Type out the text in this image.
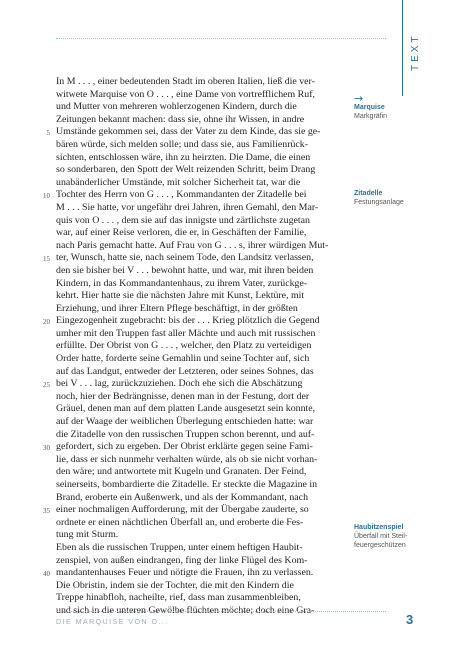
TEXT
→
In M . . . , einer bedeutenden Stadt im oberen Italien, ließ die ver-
witwete Marquise von O . . . , eine Dame von vortrefflichem Ruf,
und Mutter von mehreren wohlerzogenen Kindern, durch die
Zeitungen bekannt machen: dass sie, ohne ihr Wissen, in andre
Umstände gekommen sei, dass der Vater zu dem Kinde, das sie ge-
bären würde, sich melden solle; und dass sie, aus Familienrück-
sichten, entschlossen wäre, ihn zu heirzten. Die Dame, die einen
so sonderbaren, den Spott der Welt reizenden Schritt, beim Drang
unabänderlicher Umstände, mit solcher Sicherheit tat, war die
Tochter des Herrn von G . . . , Kommandanten der Zitadelle bei
M . . . Sie hatte, vor ungefähr drei Jahren, ihren Gemahl, den Mar-
quis von O . . . , dem sie auf das innigste und zärtlichste zugetan
war, auf einer Reise verloren, die er, in Geschäften der Familie,
nach Paris gemacht hatte. Auf Frau von G . . . s, ihrer würdigen Mut-
ter, Wunsch, hatte sie, nach seinem Tode, den Landsitz verlassen,
den sie bisher bei V . . . bewohnt hatte, und war, mit ihren beiden
Kindern, in das Kommandantenhaus, zu ihrem Vater, zurückge-
kehrt. Hier hatte sie die nächsten Jahre mit Kunst, Lektüre, mit
Erziehung, und ihrer Eltern Pflege beschäftigt, in der größten
Eingezogenheit zugebracht: bis der . . . Krieg plötzlich die Gegend
umher mit den Truppen fast aller Mächte und auch mit russischen
erfüllte. Der Obrist von G . . . , welcher, den Platz zu verteidigen
Order hatte, forderte seine Gemahlin und seine Tochter auf, sich
auf das Landgut, entweder der Letzteren, oder seines Sohnes, das
bei V . . . lag, zurückzuziehen. Doch ehe sich die Abschätzung
noch, hier der Bedrängnisse, denen man in der Festung, dort der
Gräuel, denen man auf dem platten Lande ausgesetzt sein konnte,
auf der Waage der weiblichen Überlegung entschieden hatte: war
die Zitadelle von den russischen Truppen schon berennt, und auf-
gefordert, sich zu ergeben. Der Obrist erklärte gegen seine Fami-
lie, dass er sich nunmehr verhalten würde, als ob sie nicht vorhan-
den wäre; und antwortete mit Kugeln und Granaten. Der Feind,
seinerseits, bombardierte die Zitadelle. Er steckte die Magazine in
Brand, eroberte ein Außenwerk, und als der Kommandant, nach
einer nochmaligen Aufforderung, mit der Übergabe zauderte, so
ordnete er einen nächtlichen Überfall an, und eroberte die Fes-
tung mit Sturm.
Eben als die russischen Truppen, unter einem heftigen Haubit-
zenspiel, von außen eindrangen, fing der linke Flügel des Kom-
mandantenhauses Feuer und nötigte die Frauen, ihn zu verlassen.
Die Obristin, indem sie der Tochter, die mit den Kindern die
Treppe hinabfloh, nacheilte, rief, dass man zusammenbleiben,
und sich in die unteren Gewölbe flüchten möchte; doch eine Gra-
5
10
15
20
25
30
35
40
Marquise
Markgräfin
Zitadelle
Festungsanlage
Haubitzenspiel
Überfall mit Steil-feuergeschützen
DIE MARQUISE VON O...	3
